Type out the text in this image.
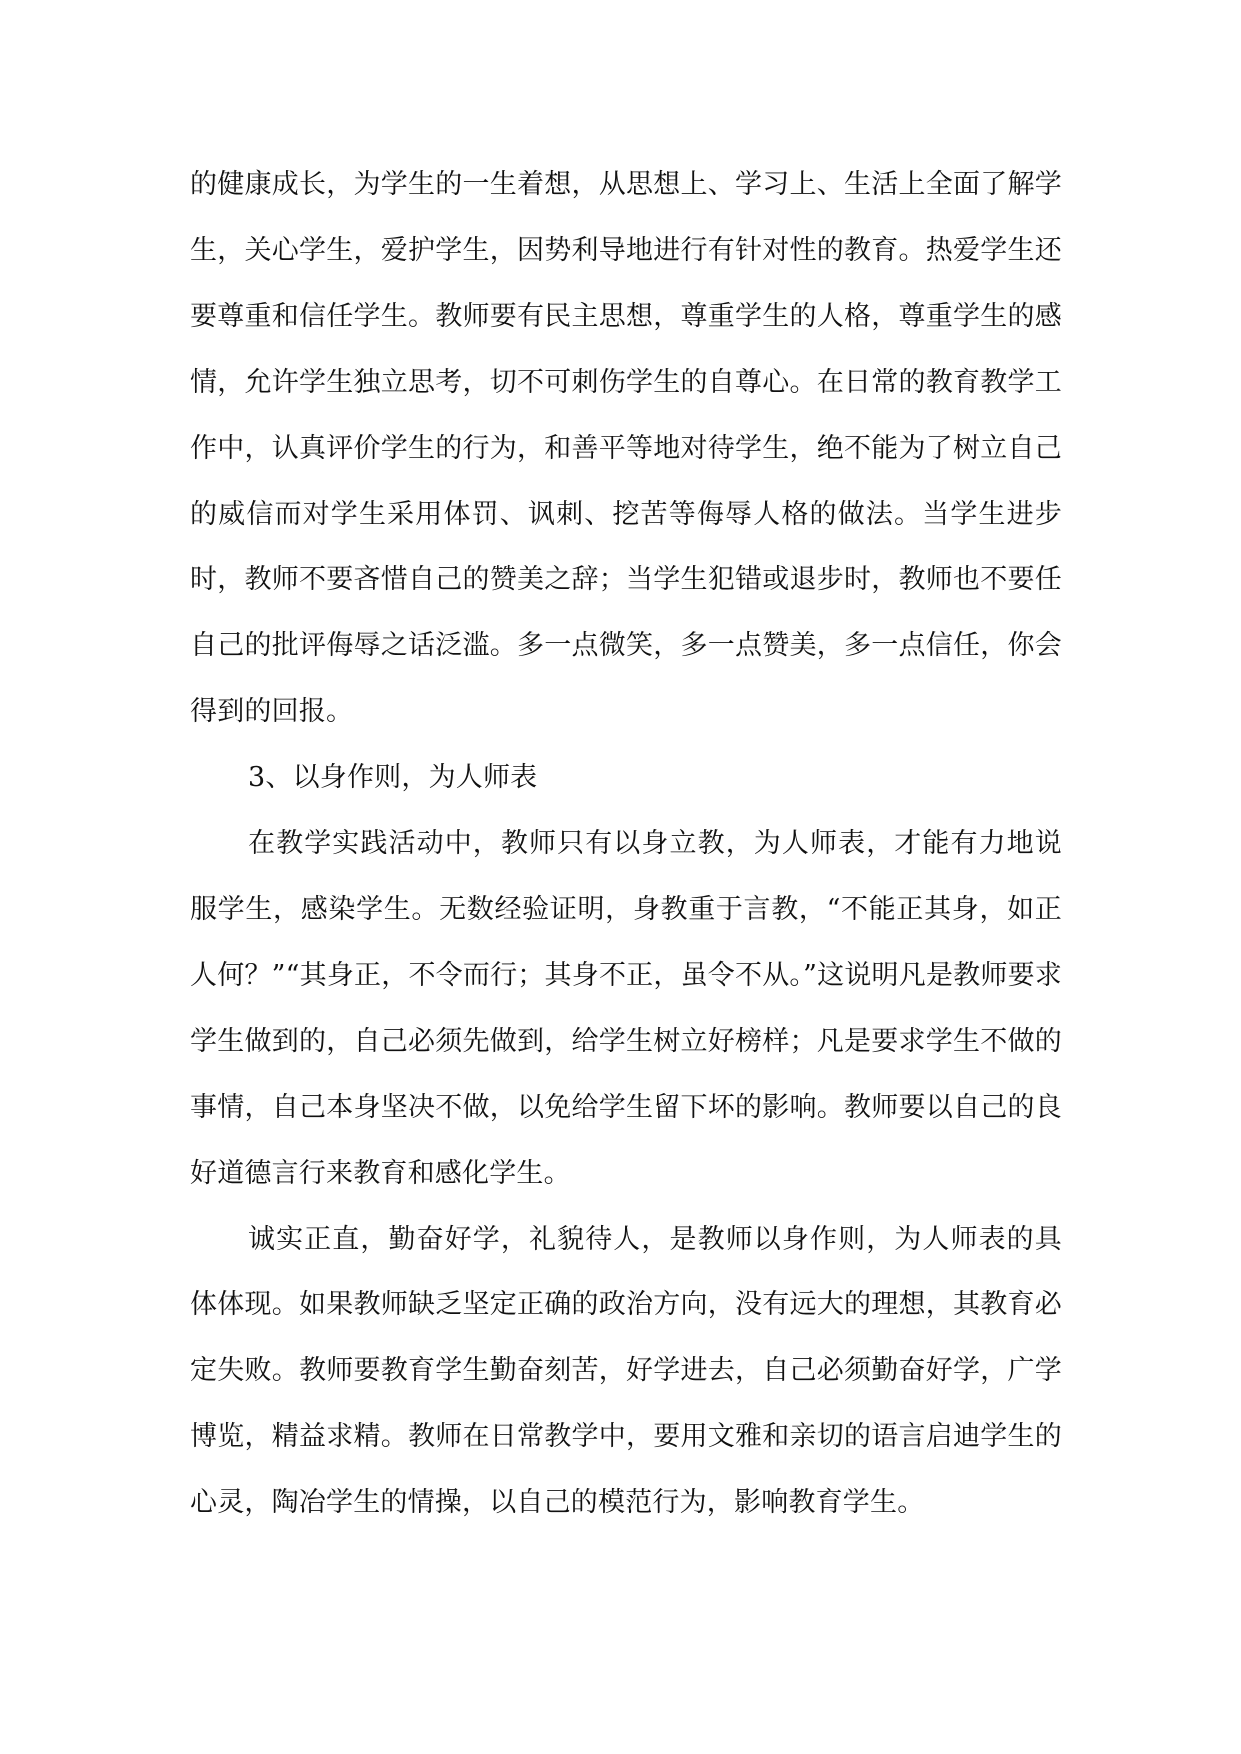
的健康成长，为学生的一生着想，从思想上、学习上、生活上全面了解学生，关心学生，爱护学生，因势利导地进行有针对性的教育。热爱学生还要尊重和信任学生。教师要有民主思想，尊重学生的人格，尊重学生的感情，允许学生独立思考，切不可刺伤学生的自尊心。在日常的教育教学工作中，认真评价学生的行为，和善平等地对待学生，绝不能为了树立自己的威信而对学生采用体罚、讽刺、挖苦等侮辱人格的做法。当学生进步时，教师不要吝惜自己的赞美之辞；当学生犯错或退步时，教师也不要任自己的批评侮辱之话泛滥。多一点微笑，多一点赞美，多一点信任，你会得到的回报。

3、以身作则，为人师表

在教学实践活动中，教师只有以身立教，为人师表，才能有力地说服学生，感染学生。无数经验证明，身教重于言教，“不能正其身，如正人何？”“其身正，不令而行；其身不正，虽令不从。”这说明凡是教师要求学生做到的，自己必须先做到，给学生树立好榜样；凡是要求学生不做的事情，自己本身坚决不做，以免给学生留下坏的影响。教师要以自己的良好道德言行来教育和感化学生。

诚实正直，勤奋好学，礼貌待人，是教师以身作则，为人师表的具体体现。如果教师缺乏坚定正确的政治方向，没有远大的理想，其教育必定失败。教师要教育学生勤奋刻苦，好学进去，自己必须勤奋好学，广学博览，精益求精。教师在日常教学中，要用文雅和亲切的语言启迪学生的心灵，陶冶学生的情操，以自己的模范行为，影响教育学生。
